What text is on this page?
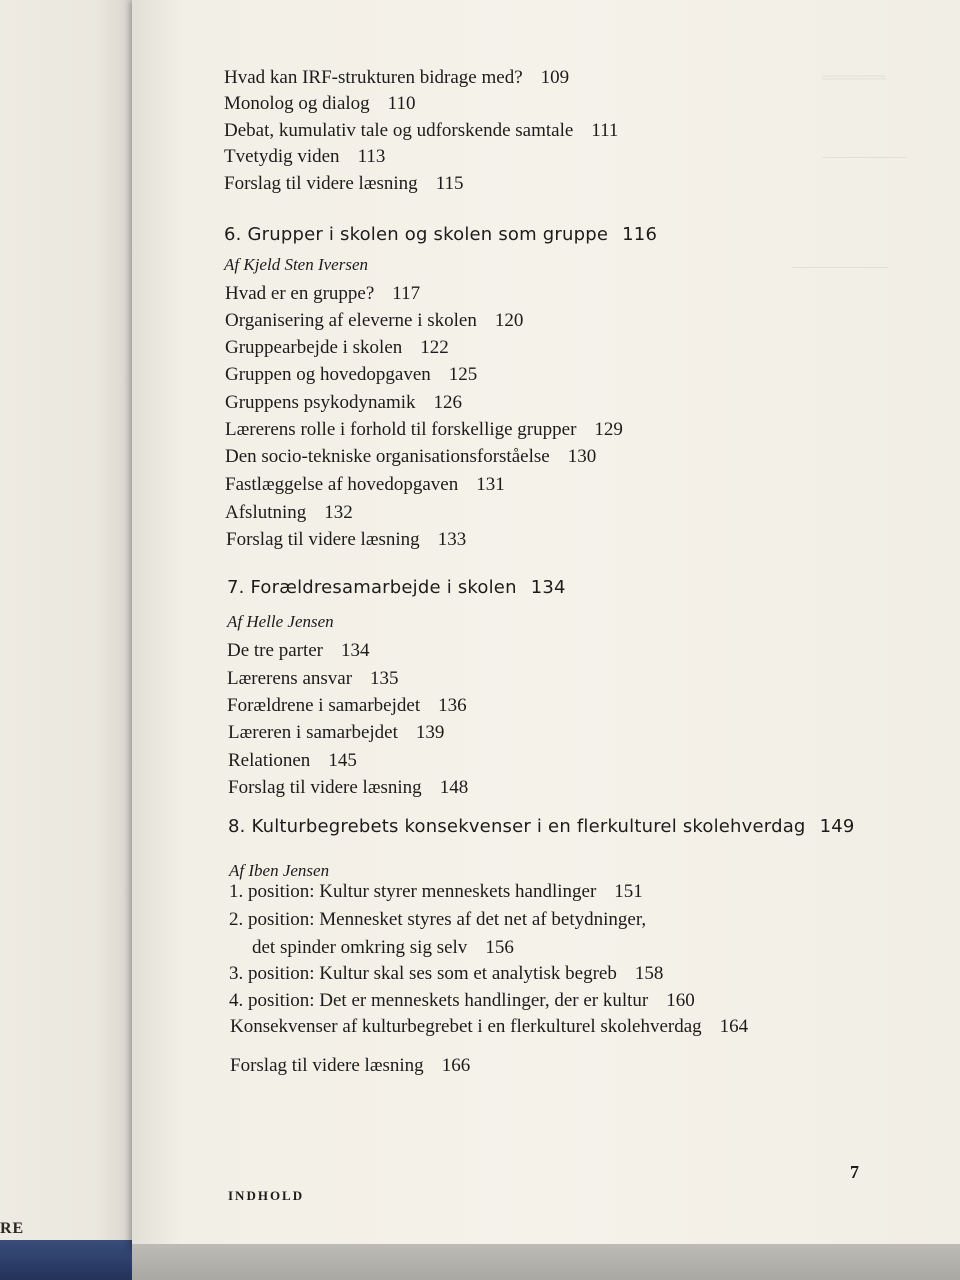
RE
══════
────────
─────────
Hvad kan IRF-strukturen bidrage med? 109
Monolog og dialog 110
Debat, kumulativ tale og udforskende samtale 111
Tvetydig viden 113
Forslag til videre læsning 115
6. Grupper i skolen og skolen som gruppe 116
Af Kjeld Sten Iversen
Hvad er en gruppe? 117
Organisering af eleverne i skolen 120
Gruppearbejde i skolen 122
Gruppen og hovedopgaven 125
Gruppens psykodynamik 126
Lærerens rolle i forhold til forskellige grupper 129
Den socio-tekniske organisationsforståelse 130
Fastlæggelse af hovedopgaven 131
Afslutning 132
Forslag til videre læsning 133
7. Forældresamarbejde i skolen 134
Af Helle Jensen
De tre parter 134
Lærerens ansvar 135
Forældrene i samarbejdet 136
Læreren i samarbejdet 139
Relationen 145
Forslag til videre læsning 148
8. Kulturbegrebets konsekvenser i en flerkulturel skolehverdag 149
Af Iben Jensen
1. position: Kultur styrer menneskets handlinger 151
2. position: Mennesket styres af det net af betydninger,
det spinder omkring sig selv 156
3. position: Kultur skal ses som et analytisk begreb 158
4. position: Det er menneskets handlinger, der er kultur 160
Konsekvenser af kulturbegrebet i en flerkulturel skolehverdag 164
Forslag til videre læsning 166
INDHOLD
7
